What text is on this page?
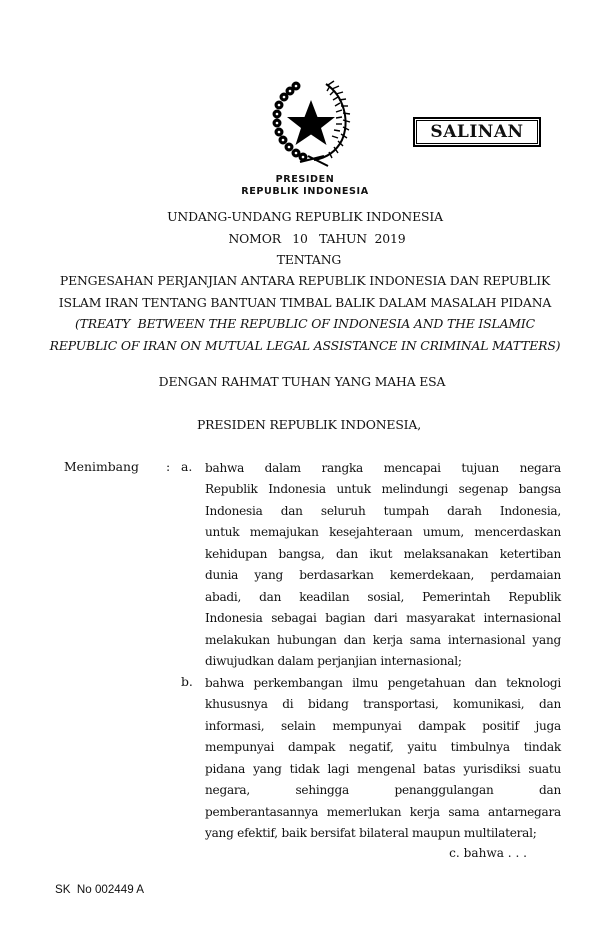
SALINAN
PRESIDEN
REPUBLIK INDONESIA
UNDANG-UNDANG REPUBLIK INDONESIA
NOMOR   10   TAHUN  2019
TENTANG
PENGESAHAN PERJANJIAN ANTARA REPUBLIK INDONESIA DAN REPUBLIK
ISLAM IRAN TENTANG BANTUAN TIMBAL BALIK DALAM MASALAH PIDANA
(TREATY  BETWEEN THE REPUBLIC OF INDONESIA AND THE ISLAMIC
REPUBLIC OF IRAN ON MUTUAL LEGAL ASSISTANCE IN CRIMINAL MATTERS)
DENGAN RAHMAT TUHAN YANG MAHA ESA
PRESIDEN REPUBLIK INDONESIA,
Menimbang : a. bahwa dalam rangka mencapai tujuan negara
Republik Indonesia untuk melindungi segenap bangsa
Indonesia dan seluruh tumpah darah Indonesia,
untuk memajukan kesejahteraan umum, mencerdaskan
kehidupan bangsa, dan ikut melaksanakan ketertiban
dunia yang berdasarkan kemerdekaan, perdamaian
abadi, dan keadilan sosial, Pemerintah Republik
Indonesia sebagai bagian dari masyarakat internasional
melakukan hubungan dan kerja sama internasional yang
diwujudkan dalam perjanjian internasional;
b. bahwa perkembangan ilmu pengetahuan dan teknologi
khususnya di bidang transportasi, komunikasi, dan
informasi, selain mempunyai dampak positif juga
mempunyai dampak negatif, yaitu timbulnya tindak
pidana yang tidak lagi mengenal batas yurisdiksi suatu
negara, sehingga penanggulangan dan
pemberantasannya memerlukan kerja sama antarnegara
yang efektif, baik bersifat bilateral maupun multilateral;
c. bahwa . . .
SK  No 002449 A
